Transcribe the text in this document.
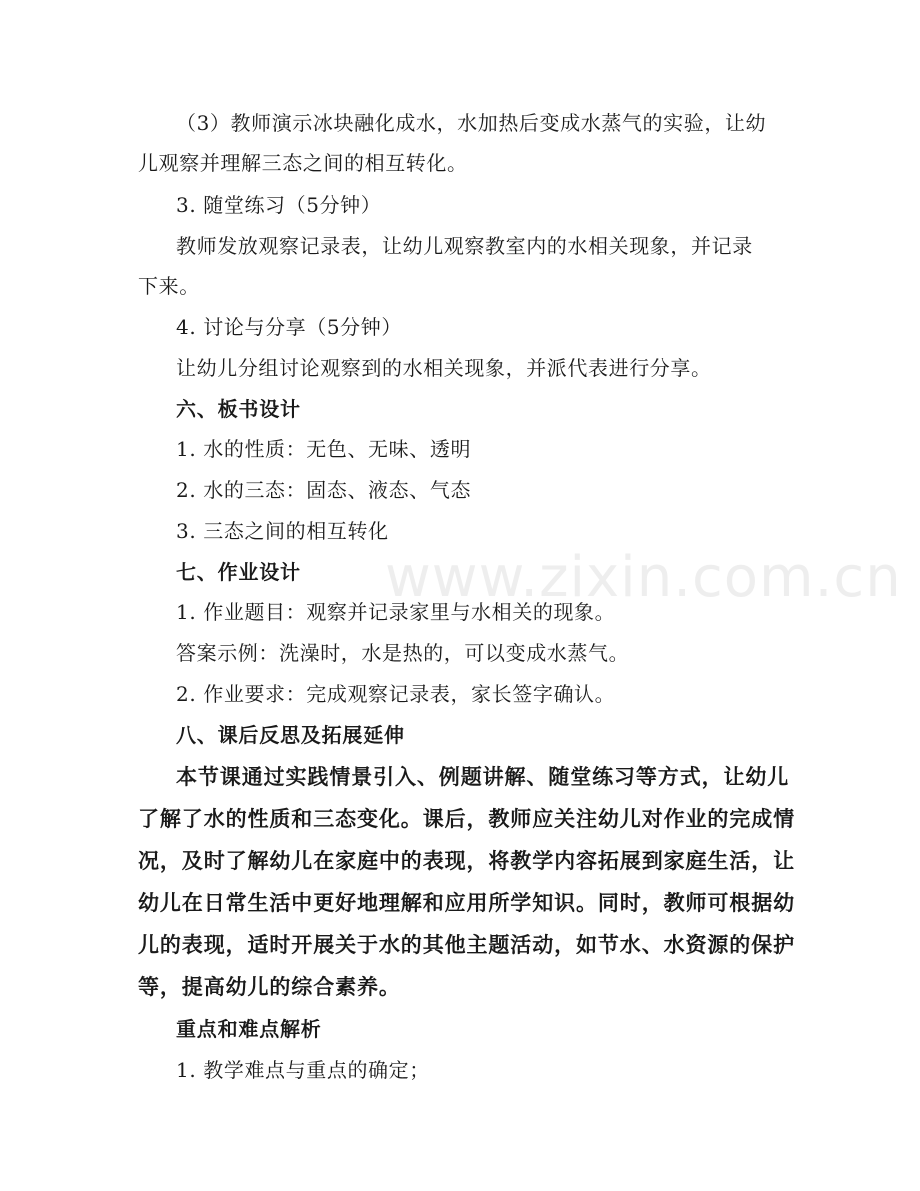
www.zixin.com.cn
（3）教师演示冰块融化成水，水加热后变成水蒸气的实验，让幼
儿观察并理解三态之间的相互转化。
3. 随堂练习（5分钟）
教师发放观察记录表，让幼儿观察教室内的水相关现象，并记录
下来。
4. 讨论与分享（5分钟）
让幼儿分组讨论观察到的水相关现象，并派代表进行分享。
六、板书设计
1. 水的性质：无色、无味、透明
2. 水的三态：固态、液态、气态
3. 三态之间的相互转化
七、作业设计
1. 作业题目：观察并记录家里与水相关的现象。
答案示例：洗澡时，水是热的，可以变成水蒸气。
2. 作业要求：完成观察记录表，家长签字确认。
八、课后反思及拓展延伸
本节课通过实践情景引入、例题讲解、随堂练习等方式，让幼儿
了解了水的性质和三态变化。课后，教师应关注幼儿对作业的完成情
况，及时了解幼儿在家庭中的表现，将教学内容拓展到家庭生活，让
幼儿在日常生活中更好地理解和应用所学知识。同时，教师可根据幼
儿的表现，适时开展关于水的其他主题活动，如节水、水资源的保护
等，提高幼儿的综合素养。
重点和难点解析
1. 教学难点与重点的确定；
